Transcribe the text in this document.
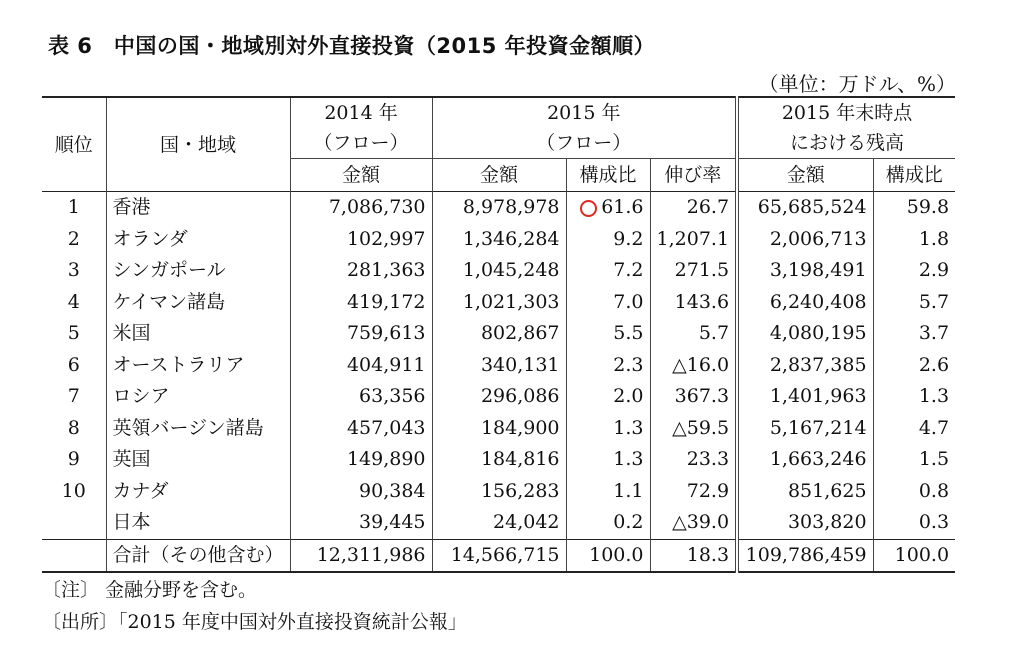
表 6　中国の国・地域別対外直接投資（2015 年投資金額順）
（単位：万ドル、%）
順位	国・地域	2014 年	2015 年			2015 年末時点	
		（フロー）	（フロー）			における残高	
		金額	金額	構成比	伸び率	金額	構成比
1	香港	7,086,730	8,978,978	61.6	26.7	65,685,524	59.8
2	オランダ	102,997	1,346,284	9.2	1,207.1	2,006,713	1.8
3	シンガポール	281,363	1,045,248	7.2	271.5	3,198,491	2.9
4	ケイマン諸島	419,172	1,021,303	7.0	143.6	6,240,408	5.7
5	米国	759,613	802,867	5.5	5.7	4,080,195	3.7
6	オーストラリア	404,911	340,131	2.3	△16.0	2,837,385	2.6
7	ロシア	63,356	296,086	2.0	367.3	1,401,963	1.3
8	英領バージン諸島	457,043	184,900	1.3	△59.5	5,167,214	4.7
9	英国	149,890	184,816	1.3	23.3	1,663,246	1.5
10	カナダ	90,384	156,283	1.1	72.9	851,625	0.8
	日本	39,445	24,042	0.2	△39.0	303,820	0.3
	合計（その他含む）	12,311,986	14,566,715	100.0	18.3	109,786,459	100.0
〔注〕 金融分野を含む。
〔出所〕「2015 年度中国対外直接投資統計公報」
